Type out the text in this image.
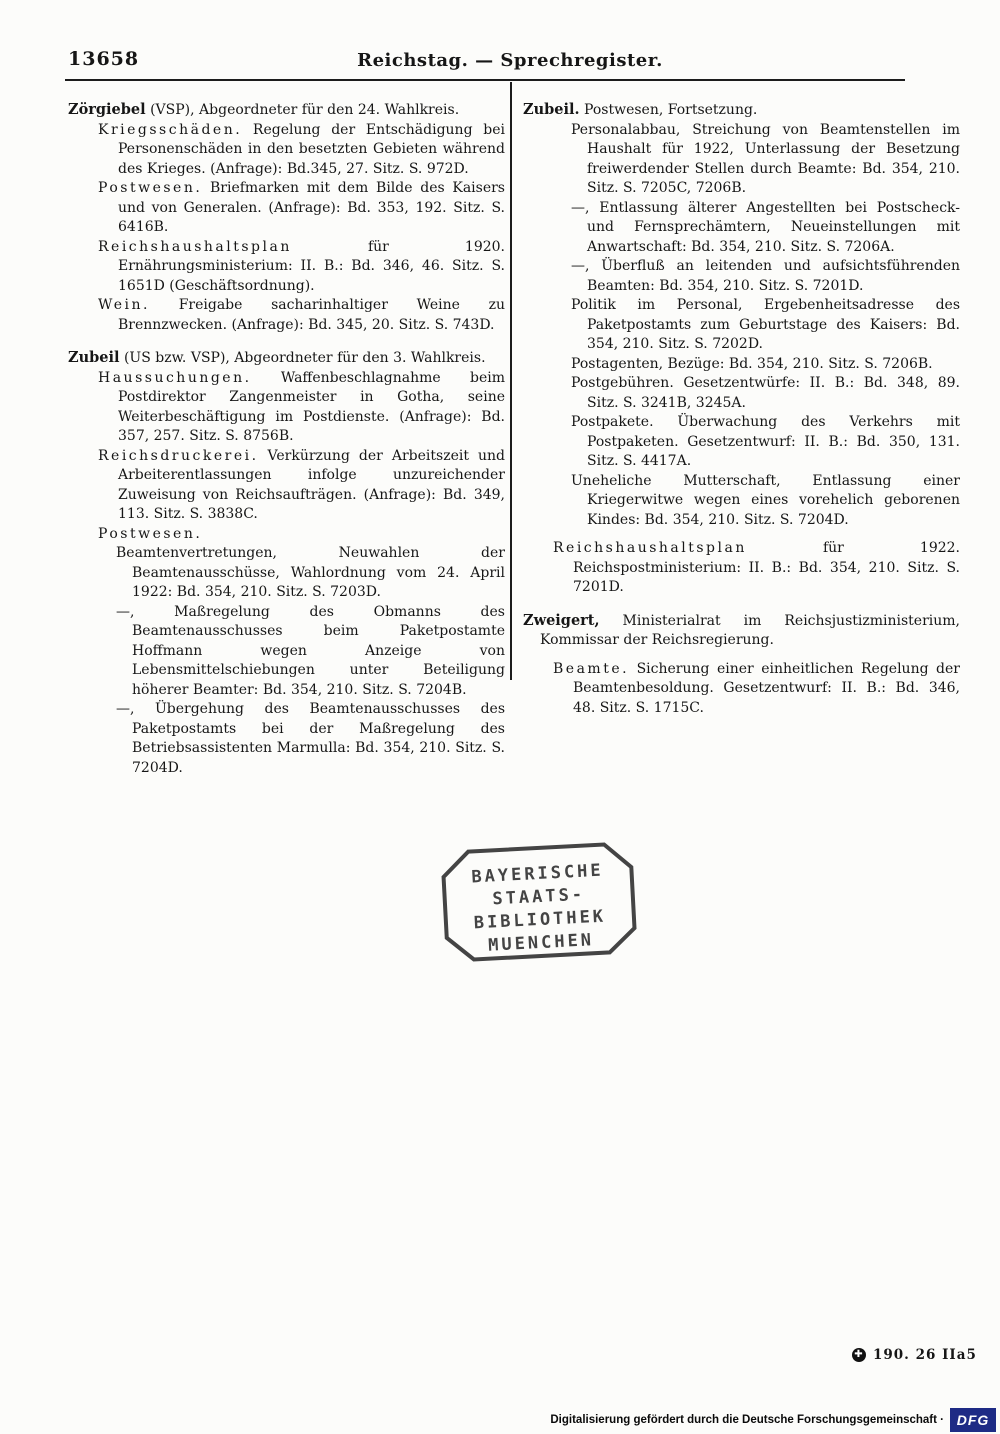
13658	Reichstag. — Sprechregister.

Zörgiebel (VSP), Abgeordneter für den 24. Wahlkreis.

Kriegsschäden. Regelung der Entschädigung bei Personenschäden in den besetzten Gebieten während des Krieges. (Anfrage): Bd.345, 27. Sitz. S. 972D.

Postwesen. Briefmarken mit dem Bilde des Kaisers und von Generalen. (Anfrage): Bd. 353, 192. Sitz. S. 6416B.

Reichshaushaltsplan	für 1920. Ernährungsministerium: II. B.: Bd. 346, 46. Sitz. S. 1651D (Geschäftsordnung).

Wein. Freigabe sacharinhaltiger Weine zu Brennzwecken. (Anfrage): Bd. 345, 20. Sitz. S. 743D.

Zubeil (US bzw. VSP), Abgeordneter für den 3. Wahlkreis.

Haussuchungen. Waffenbeschlagnahme beim Postdirektor Zangenmeister in Gotha, seine Weiterbeschäftigung im Postdienste. (Anfrage): Bd. 357, 257. Sitz. S. 8756B.

Reichsdruckerei. Verkürzung der Arbeitszeit und Arbeiterentlassungen infolge unzureichender Zuweisung von Reichsaufträgen. (Anfrage): Bd. 349, 113. Sitz. S. 3838C.

Postwesen.

Beamtenvertretungen, Neuwahlen der Beamtenausschüsse, Wahlordnung vom 24. April 1922: Bd. 354, 210. Sitz. S. 7203D.

—,	Maßregelung des Obmanns des Beamtenausschusses beim Paketpostamte Hoffmann wegen Anzeige von Lebensmittelschiebungen unter Beteiligung höherer Beamter: Bd. 354, 210. Sitz. S. 7204B.

—, Übergehung des Beamtenausschusses des Paketpostamts bei der Maßregelung des Betriebsassistenten Marmulla: Bd. 354, 210. Sitz. S. 7204D.

Zubeil. Postwesen, Fortsetzung.

Personalabbau, Streichung von Beamtenstellen im Haushalt für 1922, Unterlassung der Besetzung freiwerdender Stellen durch Beamte: Bd. 354, 210. Sitz. S. 7205C, 7206B.

—, Entlassung älterer Angestellten bei Postscheck- und Fernsprechämtern, Neueinstellungen mit Anwartschaft: Bd. 354, 210. Sitz. S. 7206A.

—, Überfluß an leitenden und aufsichtsführenden Beamten: Bd. 354, 210. Sitz. S. 7201D.

Politik im Personal, Ergebenheitsadresse des Paketpostamts zum Geburtstage des Kaisers: Bd. 354, 210. Sitz. S. 7202D.

Postagenten, Bezüge: Bd. 354, 210. Sitz. S. 7206B.

Postgebühren. Gesetzentwürfe: II. B.: Bd. 348, 89. Sitz. S. 3241B, 3245A.

Postpakete. Überwachung des Verkehrs mit Postpaketen. Gesetzentwurf: II. B.: Bd. 350, 131. Sitz. S. 4417A.

Uneheliche Mutterschaft, Entlassung einer Kriegerwitwe wegen eines vorehelich geborenen Kindes: Bd. 354, 210. Sitz. S. 7204D.

Reichshaushaltsplan	für 1922. Reichspostministerium: II. B.: Bd. 354, 210. Sitz. S. 7201D.

Zweigert, Ministerialrat im Reichsjustizministerium, Kommissar der Reichsregierung.

Beamte. Sicherung einer einheitlichen Regelung der Beamtenbesoldung. Gesetzentwurf: II. B.: Bd. 346, 48. Sitz. S. 1715C.

BAYERISCHE
STAATS-
BIBLIOTHEK
MUENCHEN
✚ 190. 26 IIa5
Digitalisierung gefördert durch die Deutsche Forschungsgemeinschaft · DFG
